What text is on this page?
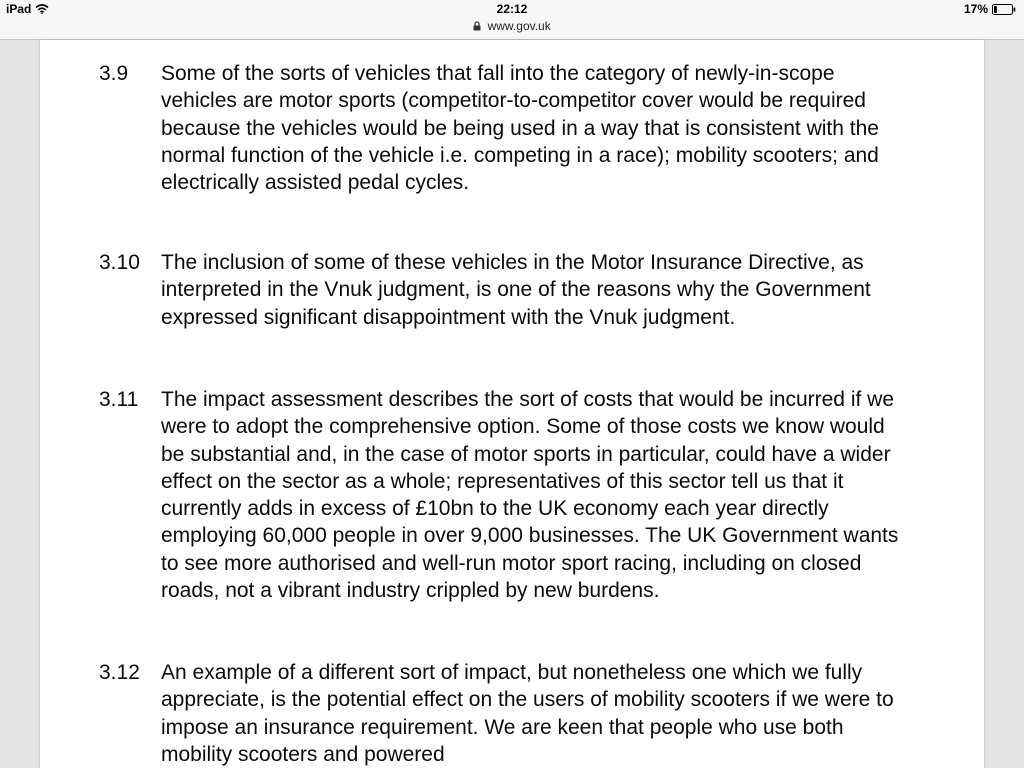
iPad	22:12
www.gov.uk
17%
3.9 Some of the sorts of vehicles that fall into the category of newly-in-scope vehicles are motor sports (competitor-to-competitor cover would be required because the vehicles would be being used in a way that is consistent with the normal function of the vehicle i.e. competing in a race); mobility scooters; and electrically assisted pedal cycles.
3.10 The inclusion of some of these vehicles in the Motor Insurance Directive, as interpreted in the Vnuk judgment, is one of the reasons why the Government expressed significant disappointment with the Vnuk judgment.
3.11 The impact assessment describes the sort of costs that would be incurred if we were to adopt the comprehensive option. Some of those costs we know would be substantial and, in the case of motor sports in particular, could have a wider effect on the sector as a whole; representatives of this sector tell us that it currently adds in excess of £10bn to the UK economy each year directly employing 60,000 people in over 9,000 businesses. The UK Government wants to see more authorised and well-run motor sport racing, including on closed roads, not a vibrant industry crippled by new burdens.
3.12 An example of a different sort of impact, but nonetheless one which we fully appreciate, is the potential effect on the users of mobility scooters if we were to impose an insurance requirement. We are keen that people who use both mobility scooters and powered
